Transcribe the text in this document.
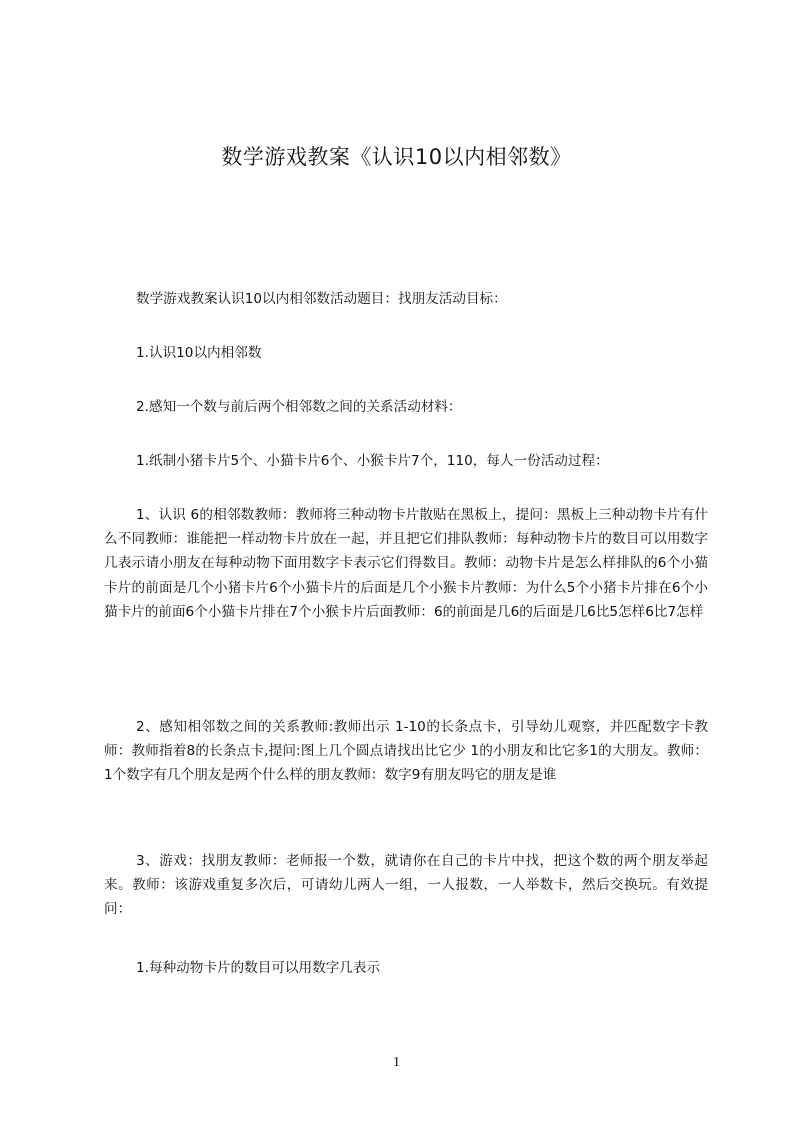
数学游戏教案《认识10以内相邻数》

数学游戏教案认识10以内相邻数活动题目：找朋友活动目标：

1.认识10以内相邻数

2.感知一个数与前后两个相邻数之间的关系活动材料：

1.纸制小猪卡片5个、小猫卡片6个、小猴卡片7个，110，每人一份活动过程：

1、认识 6的相邻数教师：教师将三种动物卡片散贴在黑板上，提问：黑板上三种动物卡片有什么不同教师：谁能把一样动物卡片放在一起，并且把它们排队教师：每种动物卡片的数目可以用数字几表示请小朋友在每种动物下面用数字卡表示它们得数目。教师：动物卡片是怎么样排队的6个小猫卡片的前面是几个小猪卡片6个小猫卡片的后面是几个小猴卡片教师：为什么5个小猪卡片排在6个小猫卡片的前面6个小猫卡片排在7个小猴卡片后面教师：6的前面是几6的后面是几6比5怎样6比7怎样

2、感知相邻数之间的关系教师:教师出示 1-10的长条点卡，引导幼儿观察，并匹配数字卡教师：教师指着8的长条点卡,提问:图上几个圆点请找出比它少 1的小朋友和比它多1的大朋友。教师：1个数字有几个朋友是两个什么样的朋友教师：数字9有朋友吗它的朋友是谁

3、游戏：找朋友教师：老师报一个数，就请你在自己的卡片中找，把这个数的两个朋友举起来。教师：该游戏重复多次后，可请幼儿两人一组，一人报数，一人举数卡，然后交换玩。有效提问：

1.每种动物卡片的数目可以用数字几表示

1
